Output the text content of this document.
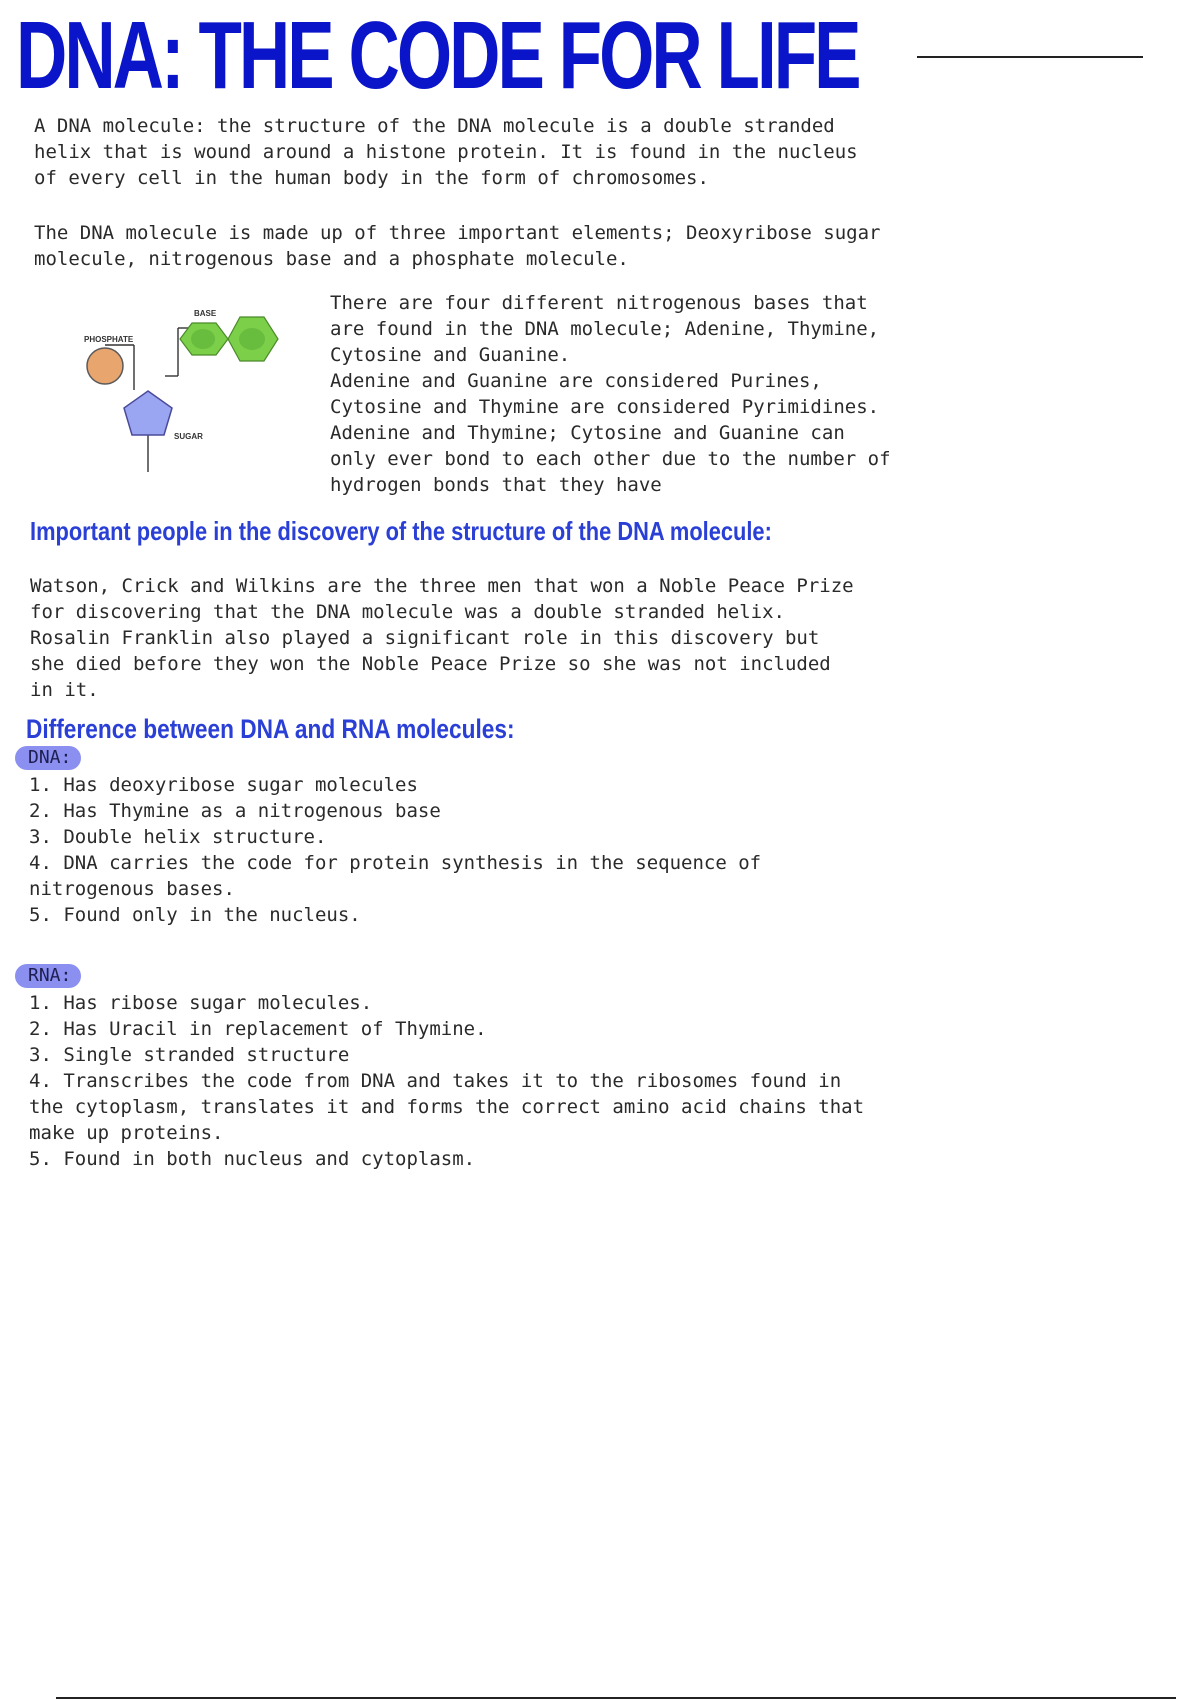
DNA: THE CODE FOR LIFE
A DNA molecule: the structure of the DNA molecule is a double stranded
helix that is wound around a histone protein. It is found in the nucleus
of every cell in the human body in the form of chromosomes.
The DNA molecule is made up of three important elements; Deoxyribose sugar
molecule, nitrogenous base and a phosphate molecule.
PHOSPHATE
BASE
SUGAR
There are four different nitrogenous bases that
are found in the DNA molecule; Adenine, Thymine,
Cytosine and Guanine.
Adenine and Guanine are considered Purines,
Cytosine and Thymine are considered Pyrimidines.
Adenine and Thymine; Cytosine and Guanine can
only ever bond to each other due to the number of
hydrogen bonds that they have
Important people in the discovery of the structure of the DNA molecule:
Watson, Crick and Wilkins are the three men that won a Noble Peace Prize
for discovering that the DNA molecule was a double stranded helix.
Rosalin Franklin also played a significant role in this discovery but
she died before they won the Noble Peace Prize so she was not included
in it.
Difference between DNA and RNA molecules:
DNA:
1. Has deoxyribose sugar molecules
2. Has Thymine as a nitrogenous base
3. Double helix structure.
4. DNA carries the code for protein synthesis in the sequence of
nitrogenous bases.
5. Found only in the nucleus.
RNA:
1. Has ribose sugar molecules.
2. Has Uracil in replacement of Thymine.
3. Single stranded structure
4. Transcribes the code from DNA and takes it to the ribosomes found in
the cytoplasm, translates it and forms the correct amino acid chains that
make up proteins.
5. Found in both nucleus and cytoplasm.
